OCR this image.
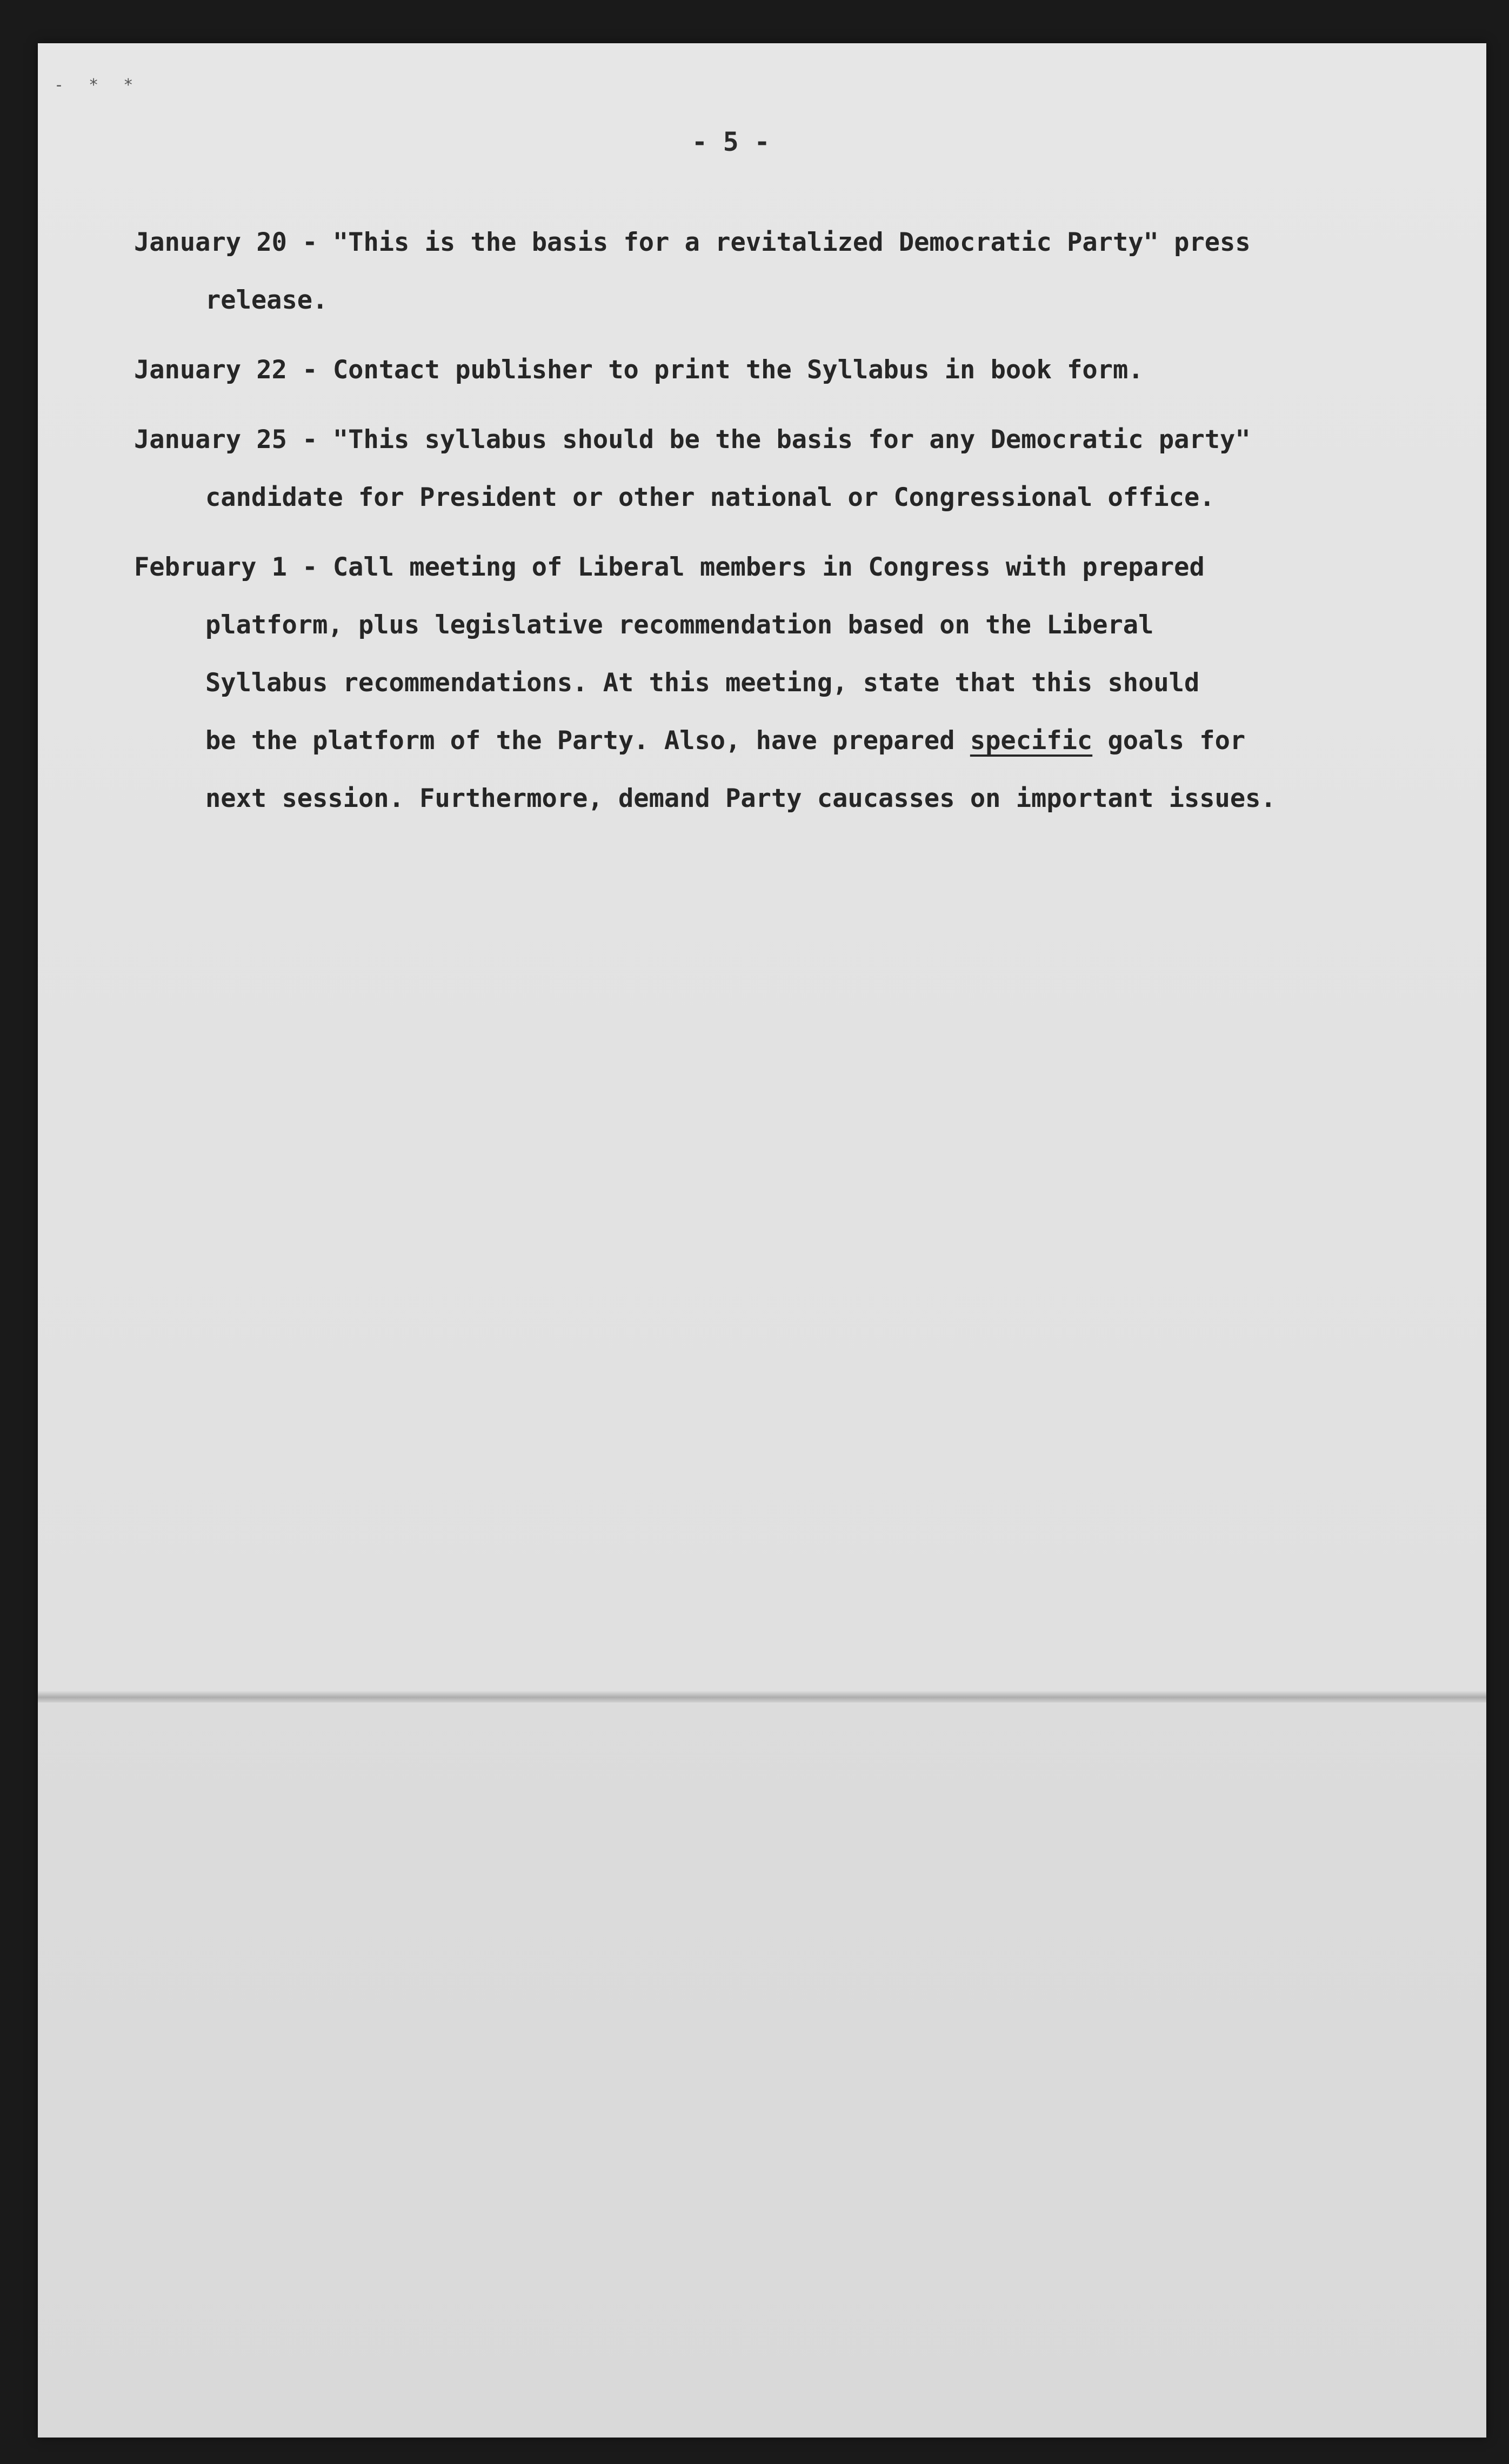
- * *
- 5 -
January 20 - "This is the basis for a revitalized Democratic Party" press
release.
January 22 - Contact publisher to print the Syllabus in book form.
January 25 - "This syllabus should be the basis for any Democratic party"
candidate for President or other national or Congressional office.
February 1 - Call meeting of Liberal members in Congress with prepared
platform, plus legislative recommendation based on the Liberal
Syllabus recommendations. At this meeting, state that this should
be the platform of the Party. Also, have prepared specific goals for
next session. Furthermore, demand Party caucasses on important issues.
